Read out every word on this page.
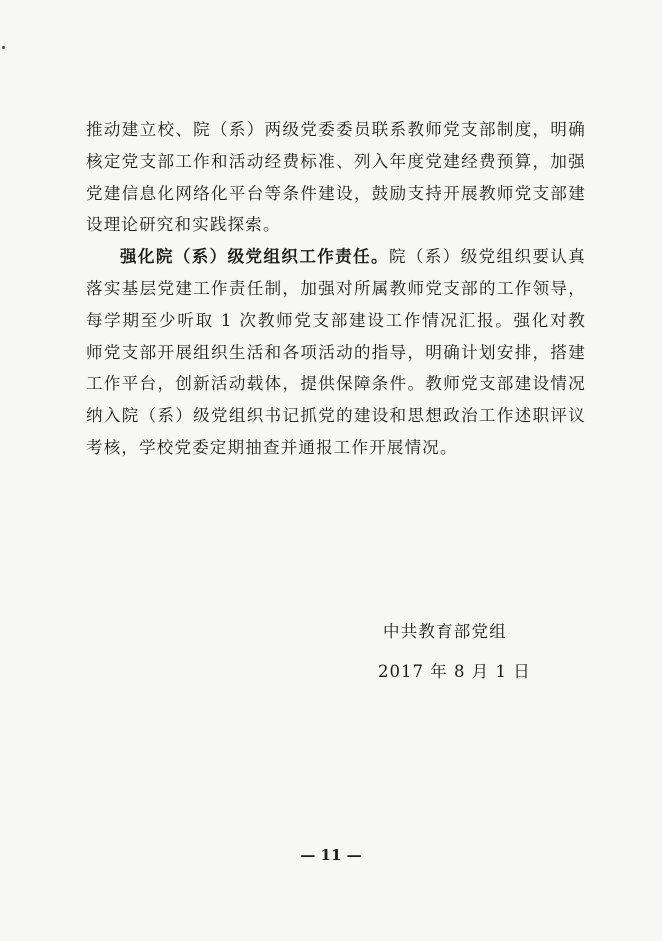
推动建立校、院（系）两级党委委员联系教师党支部制度，明确核定党支部工作和活动经费标准、列入年度党建经费预算，加强党建信息化网络化平台等条件建设，鼓励支持开展教师党支部建设理论研究和实践探索。

强化院（系）级党组织工作责任。院（系）级党组织要认真落实基层党建工作责任制，加强对所属教师党支部的工作领导，每学期至少听取 1 次教师党支部建设工作情况汇报。强化对教师党支部开展组织生活和各项活动的指导，明确计划安排，搭建工作平台，创新活动载体，提供保障条件。教师党支部建设情况纳入院（系）级党组织书记抓党的建设和思想政治工作述职评议考核，学校党委定期抽查并通报工作开展情况。

中共教育部党组
2017 年 8 月 1 日
— 11 —
